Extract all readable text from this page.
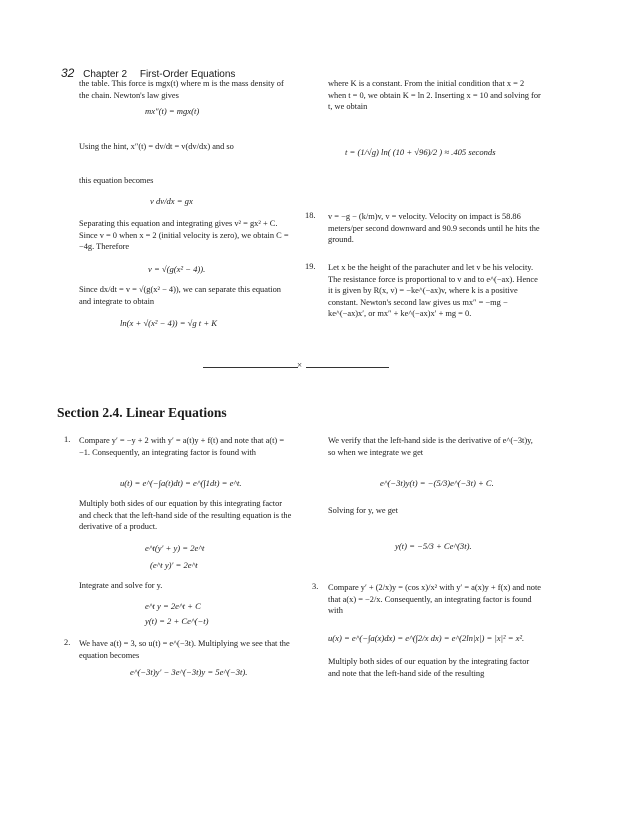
32 Chapter 2 First-Order Equations
the table. This force is mgx(t) where m is the mass density of the chain. Newton's law gives
mx″(t) = mgx(t)
Using the hint, x″(t) = dv/dt = v(dv/dx) and so
this equation becomes
v dv/dx = gx
Separating this equation and integrating gives v² = gx² + C. Since v = 0 when x = 2 (initial velocity is zero), we obtain C = −4g. Therefore
v = √(g(x² − 4)).
Since dx/dt = v = √(g(x² − 4)), we can separate this equation and integrate to obtain
ln(x + √(x² − 4)) = √g t + K
where K is a constant. From the initial condition that x = 2 when t = 0, we obtain K = ln 2. Inserting x = 10 and solving for t, we obtain
t = (1/√g) ln( (10 + √96)/2 ) ≈ .405 seconds
18. v = −g − (k/m)v, v = velocity. Velocity on impact is 58.86 meters/per second downward and 90.9 seconds until he hits the ground.
19. Let x be the height of the parachuter and let v be his velocity. The resistance force is proportional to v and to e^(−ax). Hence it is given by R(x, v) = −ke^(−ax)v, where k is a positive constant. Newton's second law gives us mx″ = −mg − ke^(−ax)x′, or mx″ + ke^(−ax)x′ + mg = 0.
×
Section 2.4. Linear Equations
1. Compare y′ = −y + 2 with y′ = a(t)y + f(t) and note that a(t) = −1. Consequently, an integrating factor is found with
u(t) = e^(−∫a(t)dt) = e^(∫1dt) = e^t.
Multiply both sides of our equation by this integrating factor and check that the left-hand side of the resulting equation is the derivative of a product.
e^t(y′ + y) = 2e^t
(e^t y)′ = 2e^t
Integrate and solve for y.
e^t y = 2e^t + C
y(t) = 2 + Ce^(−t)
2. We have a(t) = 3, so u(t) = e^(−3t). Multiplying we see that the equation becomes
e^(−3t)y′ − 3e^(−3t)y = 5e^(−3t).
We verify that the left-hand side is the derivative of e^(−3t)y, so when we integrate we get
e^(−3t)y(t) = −(5/3)e^(−3t) + C.
Solving for y, we get
y(t) = −5/3 + Ce^(3t).
3. Compare y′ + (2/x)y = (cos x)/x² with y′ = a(x)y + f(x) and note that a(x) = −2/x. Consequently, an integrating factor is found with
u(x) = e^(−∫a(x)dx) = e^(∫2/x dx) = e^(2ln|x|) = |x|² = x².
Multiply both sides of our equation by the integrating factor and note that the left-hand side of the resulting
